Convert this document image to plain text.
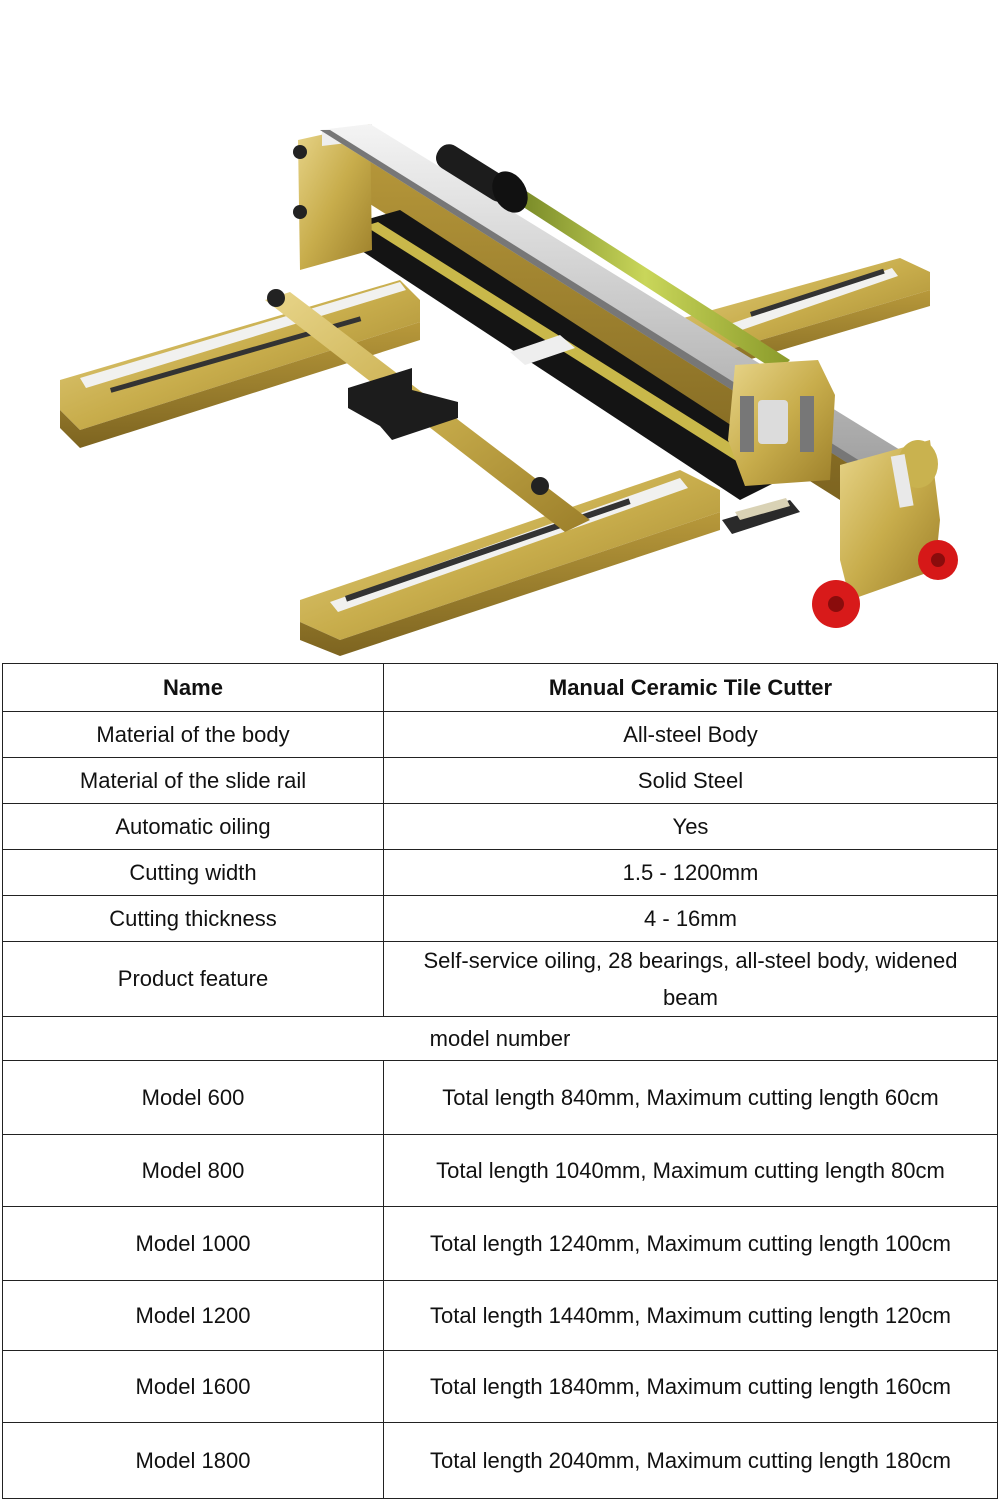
Name	Manual Ceramic Tile Cutter
Material of the body	All-steel Body
Material of the slide rail	Solid Steel
Automatic oiling	Yes
Cutting width	1.5 - 1200mm
Cutting thickness	4 - 16mm
Product feature	Self-service oiling, 28 bearings, all-steel body, widened beam
model number	
Model 600	Total length 840mm, Maximum cutting length 60cm
Model 800	Total length 1040mm, Maximum cutting length 80cm
Model 1000	Total length 1240mm, Maximum cutting length 100cm
Model 1200	Total length 1440mm, Maximum cutting length 120cm
Model 1600	Total length 1840mm, Maximum cutting length 160cm
Model 1800	Total length 2040mm, Maximum cutting length 180cm
